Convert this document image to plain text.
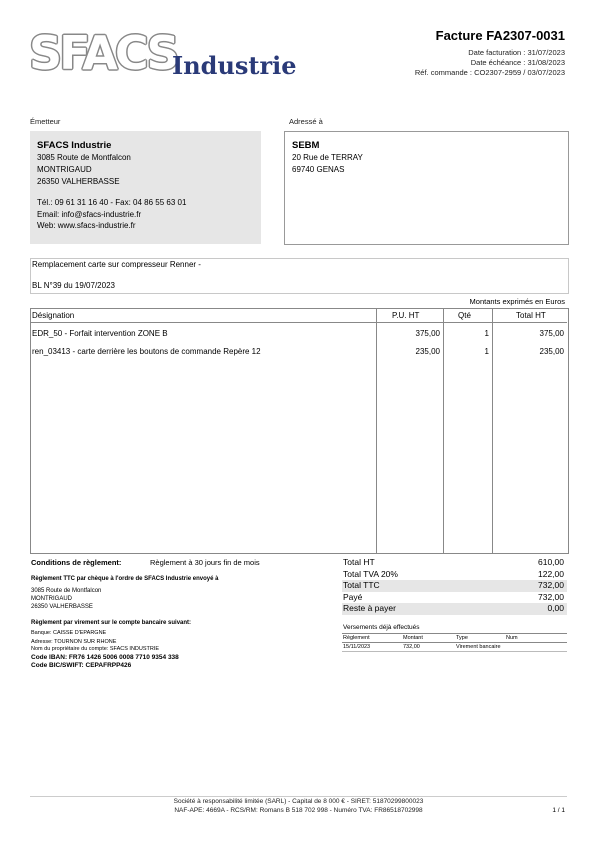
SFACS
Industrie
Facture FA2307-0031
Date facturation : 31/07/2023
Date échéance : 31/08/2023
Réf. commande : CO2307-2959 / 03/07/2023
Émetteur
SFACS Industrie
3085 Route de Montfalcon
MONTRIGAUD
26350 VALHERBASSE
Tél.: 09 61 31 16 40 - Fax: 04 86 55 63 01
Email: info@sfacs-industrie.fr
Web: www.sfacs-industrie.fr
Adressé à
SEBM
20 Rue de TERRAY
69740 GENAS
Remplacement carte sur compresseur Renner -
BL N°39 du 19/07/2023
Montants exprimés en Euros
Désignation	P.U. HT	Qté	Total HT
EDR_50 - Forfait intervention ZONE B	375,00	1	375,00
ren_03413 - carte derrière les boutons de commande Repère 12	235,00	1	235,00
Conditions de règlement:	Règlement à 30 jours fin de mois
Règlement TTC par chèque à l'ordre de SFACS Industrie envoyé à
3085 Route de Montfalcon
MONTRIGAUD
26350 VALHERBASSE
Règlement par virement sur le compte bancaire suivant:
Banque: CAISSE D'EPARGNE
Adresse: TOURNON SUR RHONE
Nom du propriétaire du compte: SFACS INDUSTRIE
Code IBAN: FR76 1426 5006 0008 7710 9354 338
Code BIC/SWIFT: CEPAFRPP426
Total HT	610,00
Total TVA 20%	122,00
Total TTC	732,00
Payé	732,00
Reste à payer	0,00
Versements déjà effectués
Règlement	Montant	Type	Num
15/11/2023	732,00	Virement bancaire
Société à responsabilité limitée (SARL) - Capital de 8 000 € - SIRET: 51870299800023
NAF-APE: 4669A - RCS/RM: Romans B 518 702 998 - Numéro TVA: FR86518702998	1 / 1
